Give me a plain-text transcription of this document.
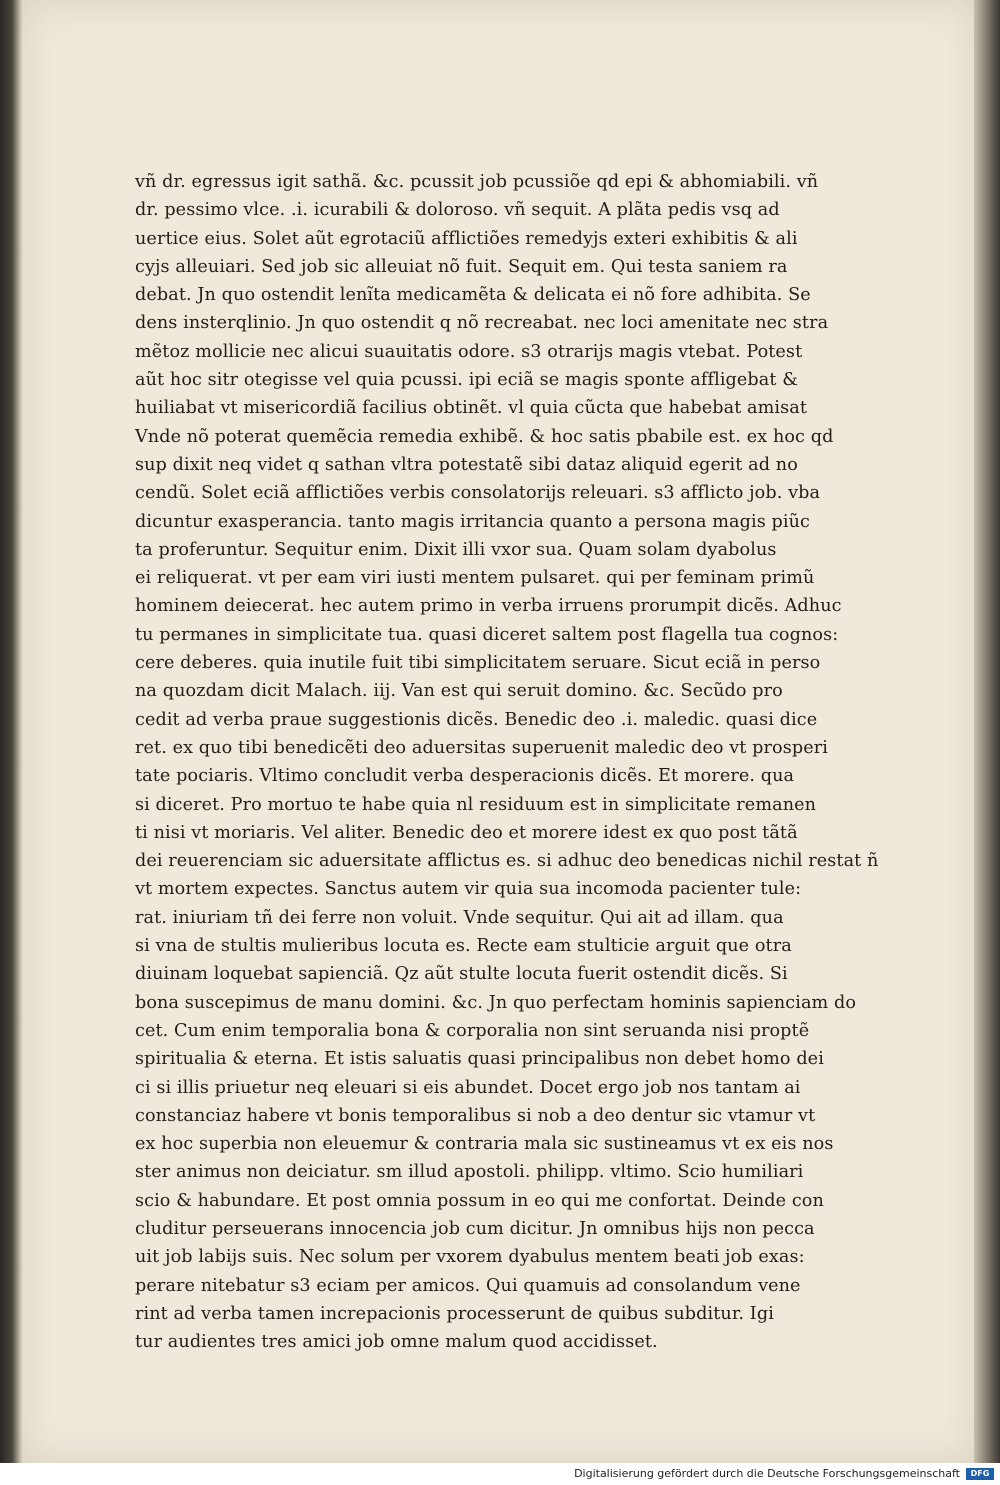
vñ dr. egressus igit sathã. &c. pcussit job pcussiõe qd epi & abhomiabili. vñ
dr. pessimo vlce. .i. icurabili & doloroso. vñ sequit. A plãta pedis vsq ad
uertice eius. Solet aũt egrotaciũ afflictiões remedyjs exteri exhibitis & ali
cyjs alleuiari. Sed job sic alleuiat nõ fuit. Sequit em. Qui testa saniem ra
debat. Jn quo ostendit lenĩta medicamẽta & delicata ei nõ fore adhibita. Se
dens insterqlinio. Jn quo ostendit q nõ recreabat. nec loci amenitate nec stra
mẽtoz mollicie nec alicui suauitatis odore. s3 otrarijs magis vtebat. Potest
aũt hoc sitr otegisse vel quia pcussi. ipi eciã se magis sponte affligebat &
huiliabat vt misericordiã facilius obtinẽt. vl quia cũcta que habebat amisat
Vnde nõ poterat quemẽcia remedia exhibẽ. & hoc satis pbabile est. ex hoc qd
sup dixit neq videt q sathan vltra potestatẽ sibi dataz aliquid egerit ad no
cendũ. Solet eciã afflictiões verbis consolatorijs releuari. s3 afflicto job. vba
dicuntur exasperancia. tanto magis irritancia quanto a persona magis piũc
ta proferuntur. Sequitur enim. Dixit illi vxor sua. Quam solam dyabolus
ei reliquerat. vt per eam viri iusti mentem pulsaret. qui per feminam primũ
hominem deiecerat. hec autem primo in verba irruens prorumpit dicẽs. Adhuc
tu permanes in simplicitate tua. quasi diceret saltem post flagella tua cognos:
cere deberes. quia inutile fuit tibi simplicitatem seruare. Sicut eciã in perso
na quozdam dicit Malach. iij. Van est qui seruit domino. &c. Secũdo pro
cedit ad verba praue suggestionis dicẽs. Benedic deo .i. maledic. quasi dice
ret. ex quo tibi benedicẽti deo aduersitas superuenit maledic deo vt prosperi
tate pociaris. Vltimo concludit verba desperacionis dicẽs. Et morere. qua
si diceret. Pro mortuo te habe quia nl residuum est in simplicitate remanen
ti nisi vt moriaris. Vel aliter. Benedic deo et morere idest ex quo post tãtã
dei reuerenciam sic aduersitate afflictus es. si adhuc deo benedicas nichil restat ñ
vt mortem expectes. Sanctus autem vir quia sua incomoda pacienter tule:
rat. iniuriam tñ dei ferre non voluit. Vnde sequitur. Qui ait ad illam. qua
si vna de stultis mulieribus locuta es. Recte eam stulticie arguit que otra
diuinam loquebat sapienciã. Qz aũt stulte locuta fuerit ostendit dicẽs. Si
bona suscepimus de manu domini. &c. Jn quo perfectam hominis sapienciam do
cet. Cum enim temporalia bona & corporalia non sint seruanda nisi proptẽ
spiritualia & eterna. Et istis saluatis quasi principalibus non debet homo dei
ci si illis priuetur neq eleuari si eis abundet. Docet ergo job nos tantam ai
constanciaz habere vt bonis temporalibus si nob a deo dentur sic vtamur vt
ex hoc superbia non eleuemur & contraria mala sic sustineamus vt ex eis nos
ster animus non deiciatur. sm illud apostoli. philipp. vltimo. Scio humiliari
scio & habundare. Et post omnia possum in eo qui me confortat. Deinde con
cluditur perseuerans innocencia job cum dicitur. Jn omnibus hijs non pecca
uit job labijs suis. Nec solum per vxorem dyabulus mentem beati job exas:
perare nitebatur s3 eciam per amicos. Qui quamuis ad consolandum vene
rint ad verba tamen increpacionis processerunt de quibus subditur. Igi
tur audientes tres amici job omne malum quod accidisset.
Digitalisierung gefördert durch die Deutsche Forschungsgemeinschaft	DFG
